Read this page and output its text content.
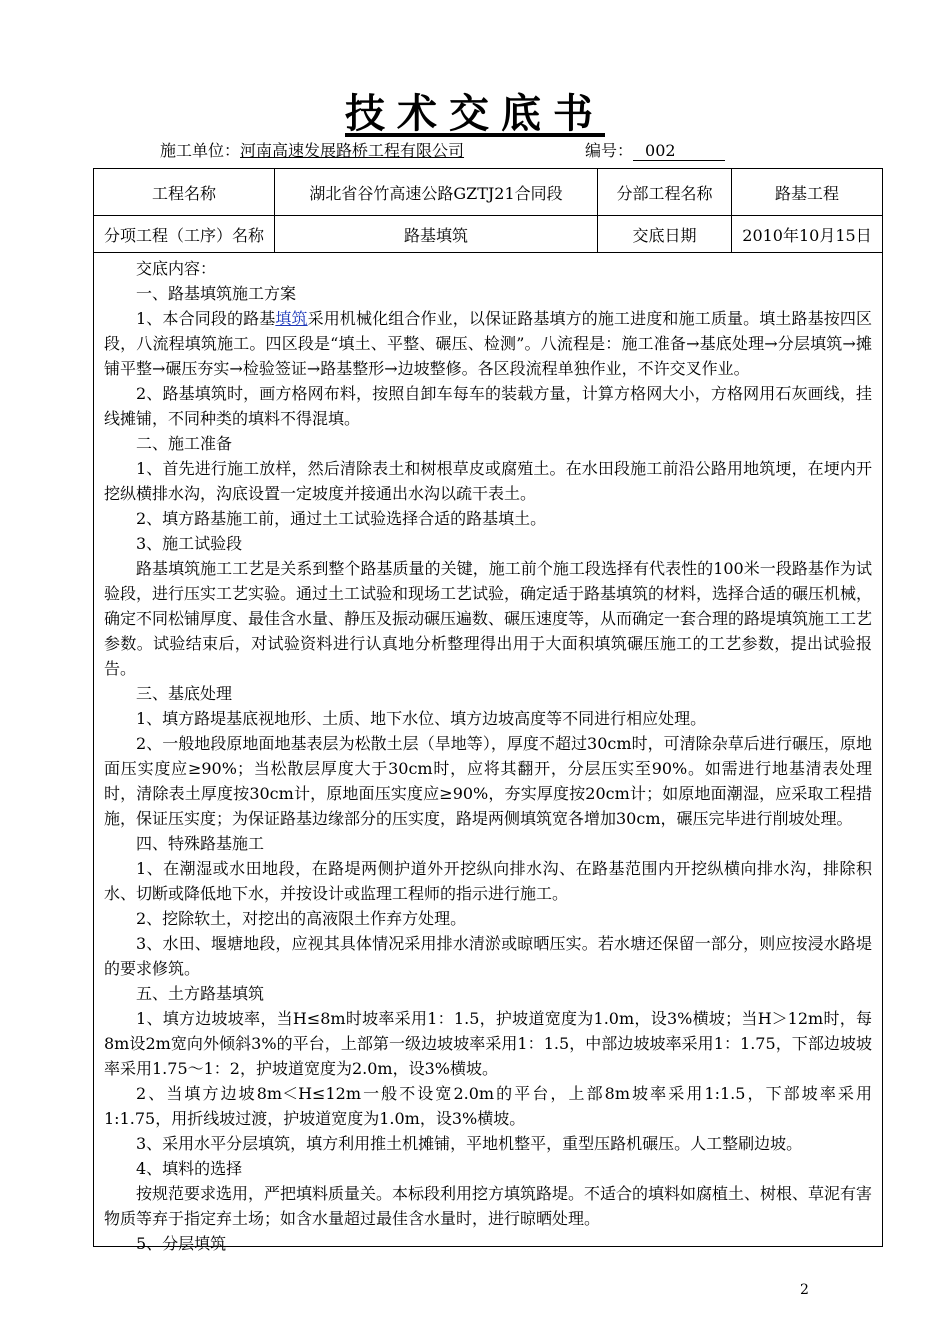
技术交底书
施工单位：河南高速发展路桥工程有限公司	编号： 002
工程名称	湖北省谷竹高速公路GZTJ21合同段	分部工程名称	路基工程
分项工程（工序）名称	路基填筑	交底日期	2010年10月15日

交底内容：

一、路基填筑施工方案

1、本合同段的路基填筑采用机械化组合作业，以保证路基填方的施工进度和施工质量。填土路基按四区段，八流程填筑施工。四区段是“填土、平整、碾压、检测”。八流程是：施工准备→基底处理→分层填筑→摊铺平整→碾压夯实→检验签证→路基整形→边坡整修。各区段流程单独作业，不许交叉作业。

2、路基填筑时，画方格网布料，按照自卸车每车的装载方量，计算方格网大小，方格网用石灰画线，挂线摊铺，不同种类的填料不得混填。

二、施工准备

1、首先进行施工放样，然后清除表土和树根草皮或腐殖土。在水田段施工前沿公路用地筑埂，在埂内开挖纵横排水沟，沟底设置一定坡度并接通出水沟以疏干表土。

2、填方路基施工前，通过土工试验选择合适的路基填土。

3、施工试验段

路基填筑施工工艺是关系到整个路基质量的关键，施工前个施工段选择有代表性的100米一段路基作为试验段，进行压实工艺实验。通过土工试验和现场工艺试验，确定适于路基填筑的材料，选择合适的碾压机械，确定不同松铺厚度、最佳含水量、静压及振动碾压遍数、碾压速度等，从而确定一套合理的路堤填筑施工工艺参数。试验结束后，对试验资料进行认真地分析整理得出用于大面积填筑碾压施工的工艺参数，提出试验报告。

三、基底处理

1、填方路堤基底视地形、土质、地下水位、填方边坡高度等不同进行相应处理。

2、一般地段原地面地基表层为松散土层（旱地等），厚度不超过30cm时，可清除杂草后进行碾压，原地面压实度应≥90%；当松散层厚度大于30cm时，应将其翻开，分层压实至90%。如需进行地基清表处理时，清除表土厚度按30cm计，原地面压实度应≥90%，夯实厚度按20cm计；如原地面潮湿，应采取工程措施，保证压实度；为保证路基边缘部分的压实度，路堤两侧填筑宽各增加30cm，碾压完毕进行削坡处理。

四、特殊路基施工

1、在潮湿或水田地段，在路堤两侧护道外开挖纵向排水沟、在路基范围内开挖纵横向排水沟，排除积水、切断或降低地下水，并按设计或监理工程师的指示进行施工。

2、挖除软土，对挖出的高液限土作弃方处理。

3、水田、堰塘地段，应视其具体情况采用排水清淤或晾晒压实。若水塘还保留一部分，则应按浸水路堤的要求修筑。

五、土方路基填筑

1、填方边坡坡率，当H≤8m时坡率采用1：1.5，护坡道宽度为1.0m，设3%横坡；当H＞12m时，每8m设2m宽向外倾斜3%的平台，上部第一级边坡坡率采用1：1.5，中部边坡坡率采用1：1.75，下部边坡坡率采用1.75～1：2，护坡道宽度为2.0m，设3%横坡。

2、当填方边坡8m＜H≤12m一般不设宽2.0m的平台，上部8m坡率采用1:1.5，下部坡率采用1:1.75，用折线坡过渡，护坡道宽度为1.0m，设3%横坡。

3、采用水平分层填筑，填方利用推土机摊铺，平地机整平，重型压路机碾压。人工整刷边坡。

4、填料的选择

按规范要求选用，严把填料质量关。本标段利用挖方填筑路堤。不适合的填料如腐植土、树根、草泥有害物质等弃于指定弃土场；如含水量超过最佳含水量时，进行晾晒处理。

5、分层填筑

2
